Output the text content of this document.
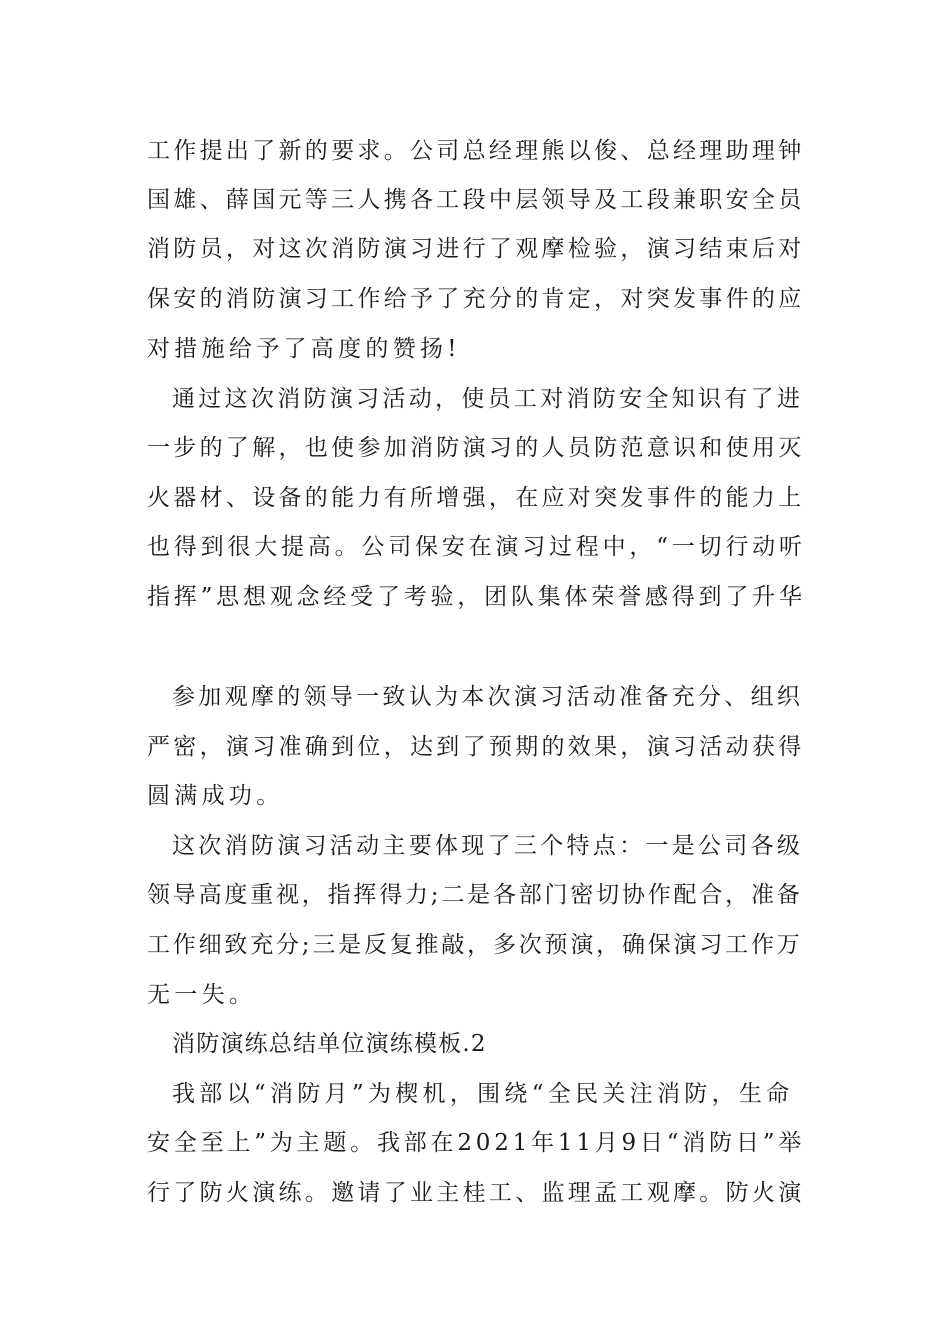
工作提出了新的要求。公司总经理熊以俊、总经理助理钟

国雄、薛国元等三人携各工段中层领导及工段兼职安全员

消防员，对这次消防演习进行了观摩检验，演习结束后对

保安的消防演习工作给予了充分的肯定，对突发事件的应

对措施给予了高度的赞扬!

通过这次消防演习活动，使员工对消防安全知识有了进

一步的了解，也使参加消防演习的人员防范意识和使用灭

火器材、设备的能力有所增强，在应对突发事件的能力上

也得到很大提高。公司保安在演习过程中，“一切行动听

指挥”思想观念经受了考验，团队集体荣誉感得到了升华

参加观摩的领导一致认为本次演习活动准备充分、组织

严密，演习准确到位，达到了预期的效果，演习活动获得

圆满成功。

这次消防演习活动主要体现了三个特点：一是公司各级

领导高度重视，指挥得力;二是各部门密切协作配合，准备

工作细致充分;三是反复推敲，多次预演，确保演习工作万

无一失。

消防演练总结单位演练模板.2

我部以“消防月”为楔机，围绕“全民关注消防，生命

安全至上”为主题。我部在2021年11月9日“消防日”举

行了防火演练。邀请了业主桂工、监理孟工观摩。防火演
